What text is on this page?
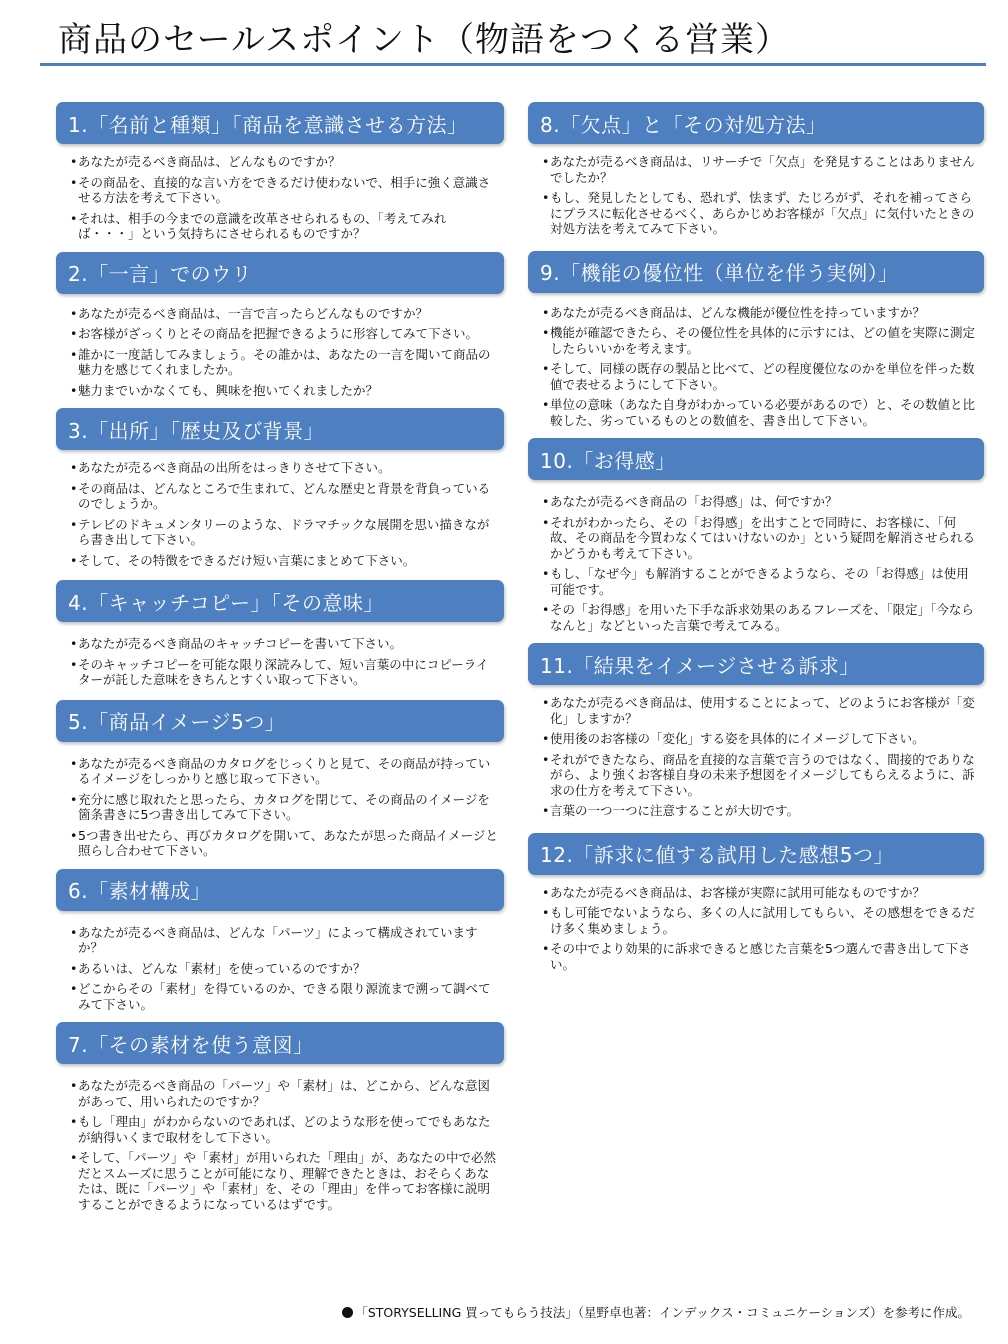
商品のセールスポイント（物語をつくる営業）
1.「名前と種類」「商品を意識させる方法」
• あなたが売るべき商品は、どんなものですか？
• その商品を、直接的な言い方をできるだけ使わないで、相手に強く意識させる方法を考えて下さい。
• それは、相手の今までの意識を改革させられるもの、「考えてみれば・・・」という気持ちにさせられるものですか？
2.「一言」でのウリ
• あなたが売るべき商品は、一言で言ったらどんなものですか？
• お客様がざっくりとその商品を把握できるように形容してみて下さい。
• 誰かに一度話してみましょう。その誰かは、あなたの一言を聞いて商品の魅力を感じてくれましたか。
• 魅力までいかなくても、興味を抱いてくれましたか？
3.「出所」「歴史及び背景」
• あなたが売るべき商品の出所をはっきりさせて下さい。
• その商品は、どんなところで生まれて、どんな歴史と背景を背負っているのでしょうか。
• テレビのドキュメンタリーのような、ドラマチックな展開を思い描きながら書き出して下さい。
• そして、その特徴をできるだけ短い言葉にまとめて下さい。
4.「キャッチコピー」「その意味」
• あなたが売るべき商品のキャッチコピーを書いて下さい。
• そのキャッチコピーを可能な限り深読みして、短い言葉の中にコピーライターが託した意味をきちんとすくい取って下さい。
5.「商品イメージ5つ」
• あなたが売るべき商品のカタログをじっくりと見て、その商品が持っているイメージをしっかりと感じ取って下さい。
• 充分に感じ取れたと思ったら、カタログを閉じて、その商品のイメージを箇条書きに5つ書き出してみて下さい。
• 5つ書き出せたら、再びカタログを開いて、あなたが思った商品イメージと照らし合わせて下さい。
6.「素材構成」
• あなたが売るべき商品は、どんな「パーツ」によって構成されていますか？
• あるいは、どんな「素材」を使っているのですか？
• どこからその「素材」を得ているのか、できる限り源流まで溯って調べてみて下さい。
7.「その素材を使う意図」
• あなたが売るべき商品の「パーツ」や「素材」は、どこから、どんな意図があって、用いられたのですか？
• もし「理由」がわからないのであれば、どのような形を使ってでもあなたが納得いくまで取材をして下さい。
• そして、「パーツ」や「素材」が用いられた「理由」が、あなたの中で必然だとスムーズに思うことが可能になり、理解できたときは、おそらくあなたは、既に「パーツ」や「素材」を、その「理由」を伴ってお客様に説明することができるようになっているはずです。
8.「欠点」と「その対処方法」
• あなたが売るべき商品は、リサーチで「欠点」を発見することはありませんでしたか？
• もし、発見したとしても、恐れず、怯まず、たじろがず、それを補ってさらにプラスに転化させるべく、あらかじめお客様が「欠点」に気付いたときの対処方法を考えてみて下さい。
9.「機能の優位性（単位を伴う実例）」
• あなたが売るべき商品は、どんな機能が優位性を持っていますか？
• 機能が確認できたら、その優位性を具体的に示すには、どの値を実際に測定したらいいかを考えます。
• そして、同様の既存の製品と比べて、どの程度優位なのかを単位を伴った数値で表せるようにして下さい。
• 単位の意味（あなた自身がわかっている必要があるので）と、その数値と比較した、劣っているものとの数値を、書き出して下さい。
10.「お得感」
• あなたが売るべき商品の「お得感」は、何ですか？
• それがわかったら、その「お得感」を出すことで同時に、お客様に、「何故、その商品を今買わなくてはいけないのか」という疑問を解消させられるかどうかも考えて下さい。
• もし、「なぜ今」も解消することができるようなら、その「お得感」は使用可能です。
• その「お得感」を用いた下手な訴求効果のあるフレーズを、「限定」「今ならなんと」などといった言葉で考えてみる。
11.「結果をイメージさせる訴求」
• あなたが売るべき商品は、使用することによって、どのようにお客様が「変化」しますか？
• 使用後のお客様の「変化」する姿を具体的にイメージして下さい。
• それができたなら、商品を直接的な言葉で言うのではなく、間接的でありながら、より強くお客様自身の未来予想図をイメージしてもらえるように、訴求の仕方を考えて下さい。
• 言葉の一つ一つに注意することが大切です。
12.「訴求に値する試用した感想5つ」
• あなたが売るべき商品は、お客様が実際に試用可能なものですか？
• もし可能でないようなら、多くの人に試用してもらい、その感想をできるだけ多く集めましょう。
• その中でより効果的に訴求できると感じた言葉を5つ選んで書き出して下さい。
「STORYSELLING 買ってもらう技法」（星野卓也著：インデックス・コミュニケーションズ）を参考に作成。
